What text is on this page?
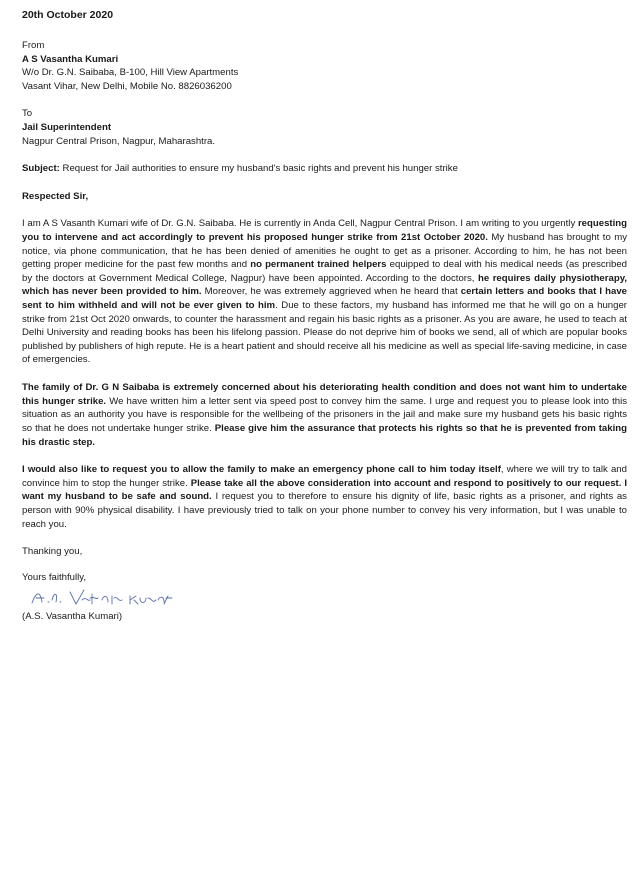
20th October 2020

From
A S Vasantha Kumari
W/o Dr. G.N. Saibaba, B-100, Hill View Apartments
Vasant Vihar, New Delhi, Mobile No. 8826036200
To
Jail Superintendent
Nagpur Central Prison, Nagpur, Maharashtra.

Subject: Request for Jail authorities to ensure my husband's basic rights and prevent his hunger strike

Respected Sir,

I am A S Vasanth Kumari wife of Dr. G.N. Saibaba. He is currently in Anda Cell, Nagpur Central Prison. I am writing to you urgently requesting you to intervene and act accordingly to prevent his proposed hunger strike from 21st October 2020. My husband has brought to my notice, via phone communication, that he has been denied of amenities he ought to get as a prisoner. According to him, he has not been getting proper medicine for the past few months and no permanent trained helpers equipped to deal with his medical needs (as prescribed by the doctors at Government Medical College, Nagpur) have been appointed. According to the doctors, he requires daily physiotherapy, which has never been provided to him. Moreover, he was extremely aggrieved when he heard that certain letters and books that I have sent to him withheld and will not be ever given to him. Due to these factors, my husband has informed me that he will go on a hunger strike from 21st Oct 2020 onwards, to counter the harassment and regain his basic rights as a prisoner. As you are aware, he used to teach at Delhi University and reading books has been his lifelong passion. Please do not deprive him of books we send, all of which are popular books published by publishers of high repute. He is a heart patient and should receive all his medicine as well as special life-saving medicine, in case of emergencies.

The family of Dr. G N Saibaba is extremely concerned about his deteriorating health condition and does not want him to undertake this hunger strike. We have written him a letter sent via speed post to convey him the same. I urge and request you to please look into this situation as an authority you have is responsible for the wellbeing of the prisoners in the jail and make sure my husband gets his basic rights so that he does not undertake hunger strike. Please give him the assurance that protects his rights so that he is prevented from taking his drastic step.

I would also like to request you to allow the family to make an emergency phone call to him today itself, where we will try to talk and convince him to stop the hunger strike. Please take all the above consideration into account and respond to positively to our request. I want my husband to be safe and sound. I request you to therefore to ensure his dignity of life, basic rights as a prisoner, and rights as person with 90% physical disability. I have previously tried to talk on your phone number to convey his very information, but I was unable to reach you.

Thanking you,

Yours faithfully,

(A.S. Vasantha Kumari)
